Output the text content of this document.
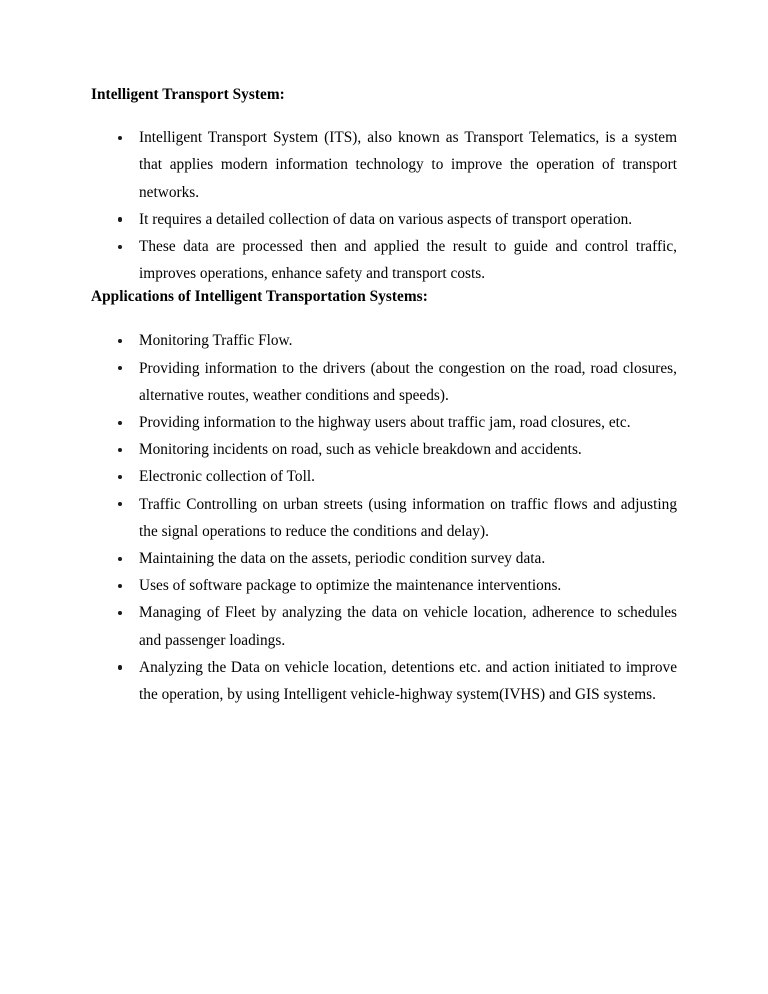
Intelligent Transport System:
Intelligent Transport System (ITS), also known as Transport Telematics, is a system that applies modern information technology to improve the operation of transport networks.
It requires a detailed collection of data on various aspects of transport operation.
These data are processed then and applied the result to guide and control traffic, improves operations, enhance safety and transport costs.
Applications of Intelligent Transportation Systems:
Monitoring Traffic Flow.
Providing information to the drivers (about the congestion on the road, road closures, alternative routes, weather conditions and speeds).
Providing information to the highway users about traffic jam, road closures, etc.
Monitoring incidents on road, such as vehicle breakdown and accidents.
Electronic collection of Toll.
Traffic Controlling on urban streets (using information on traffic flows and adjusting the signal operations to reduce the conditions and delay).
Maintaining the data on the assets, periodic condition survey data.
Uses of software package to optimize the maintenance interventions.
Managing of Fleet by analyzing the data on vehicle location, adherence to schedules and passenger loadings.
Analyzing the Data on vehicle location, detentions etc. and action initiated to improve the operation, by using Intelligent vehicle-highway system(IVHS) and GIS systems.
